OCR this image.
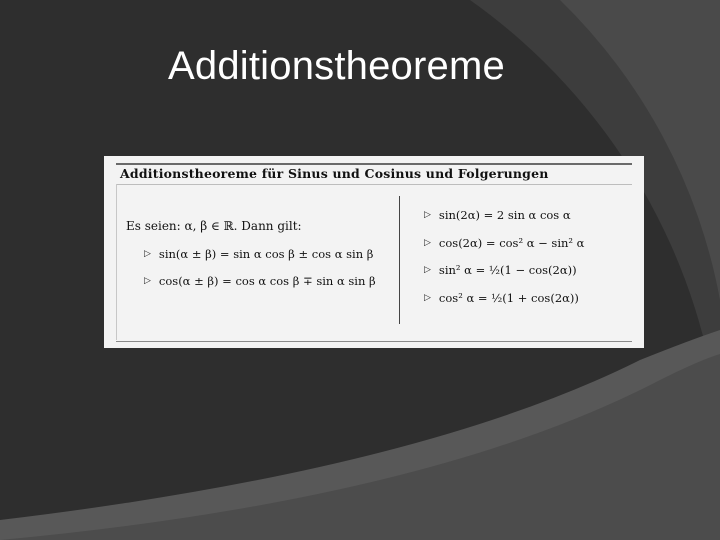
Additionstheoreme
Additionstheoreme für Sinus und Cosinus und Folgerungen
Es seien: α, β ∈ ℝ. Dann gilt:
▷ sin(α ± β) = sin α cos β ± cos α sin β
▷ cos(α ± β) = cos α cos β ∓ sin α sin β
▷ sin(2α) = 2 sin α cos α
▷ cos(2α) = cos² α − sin² α
▷ sin² α = ½(1 − cos(2α))
▷ cos² α = ½(1 + cos(2α))
